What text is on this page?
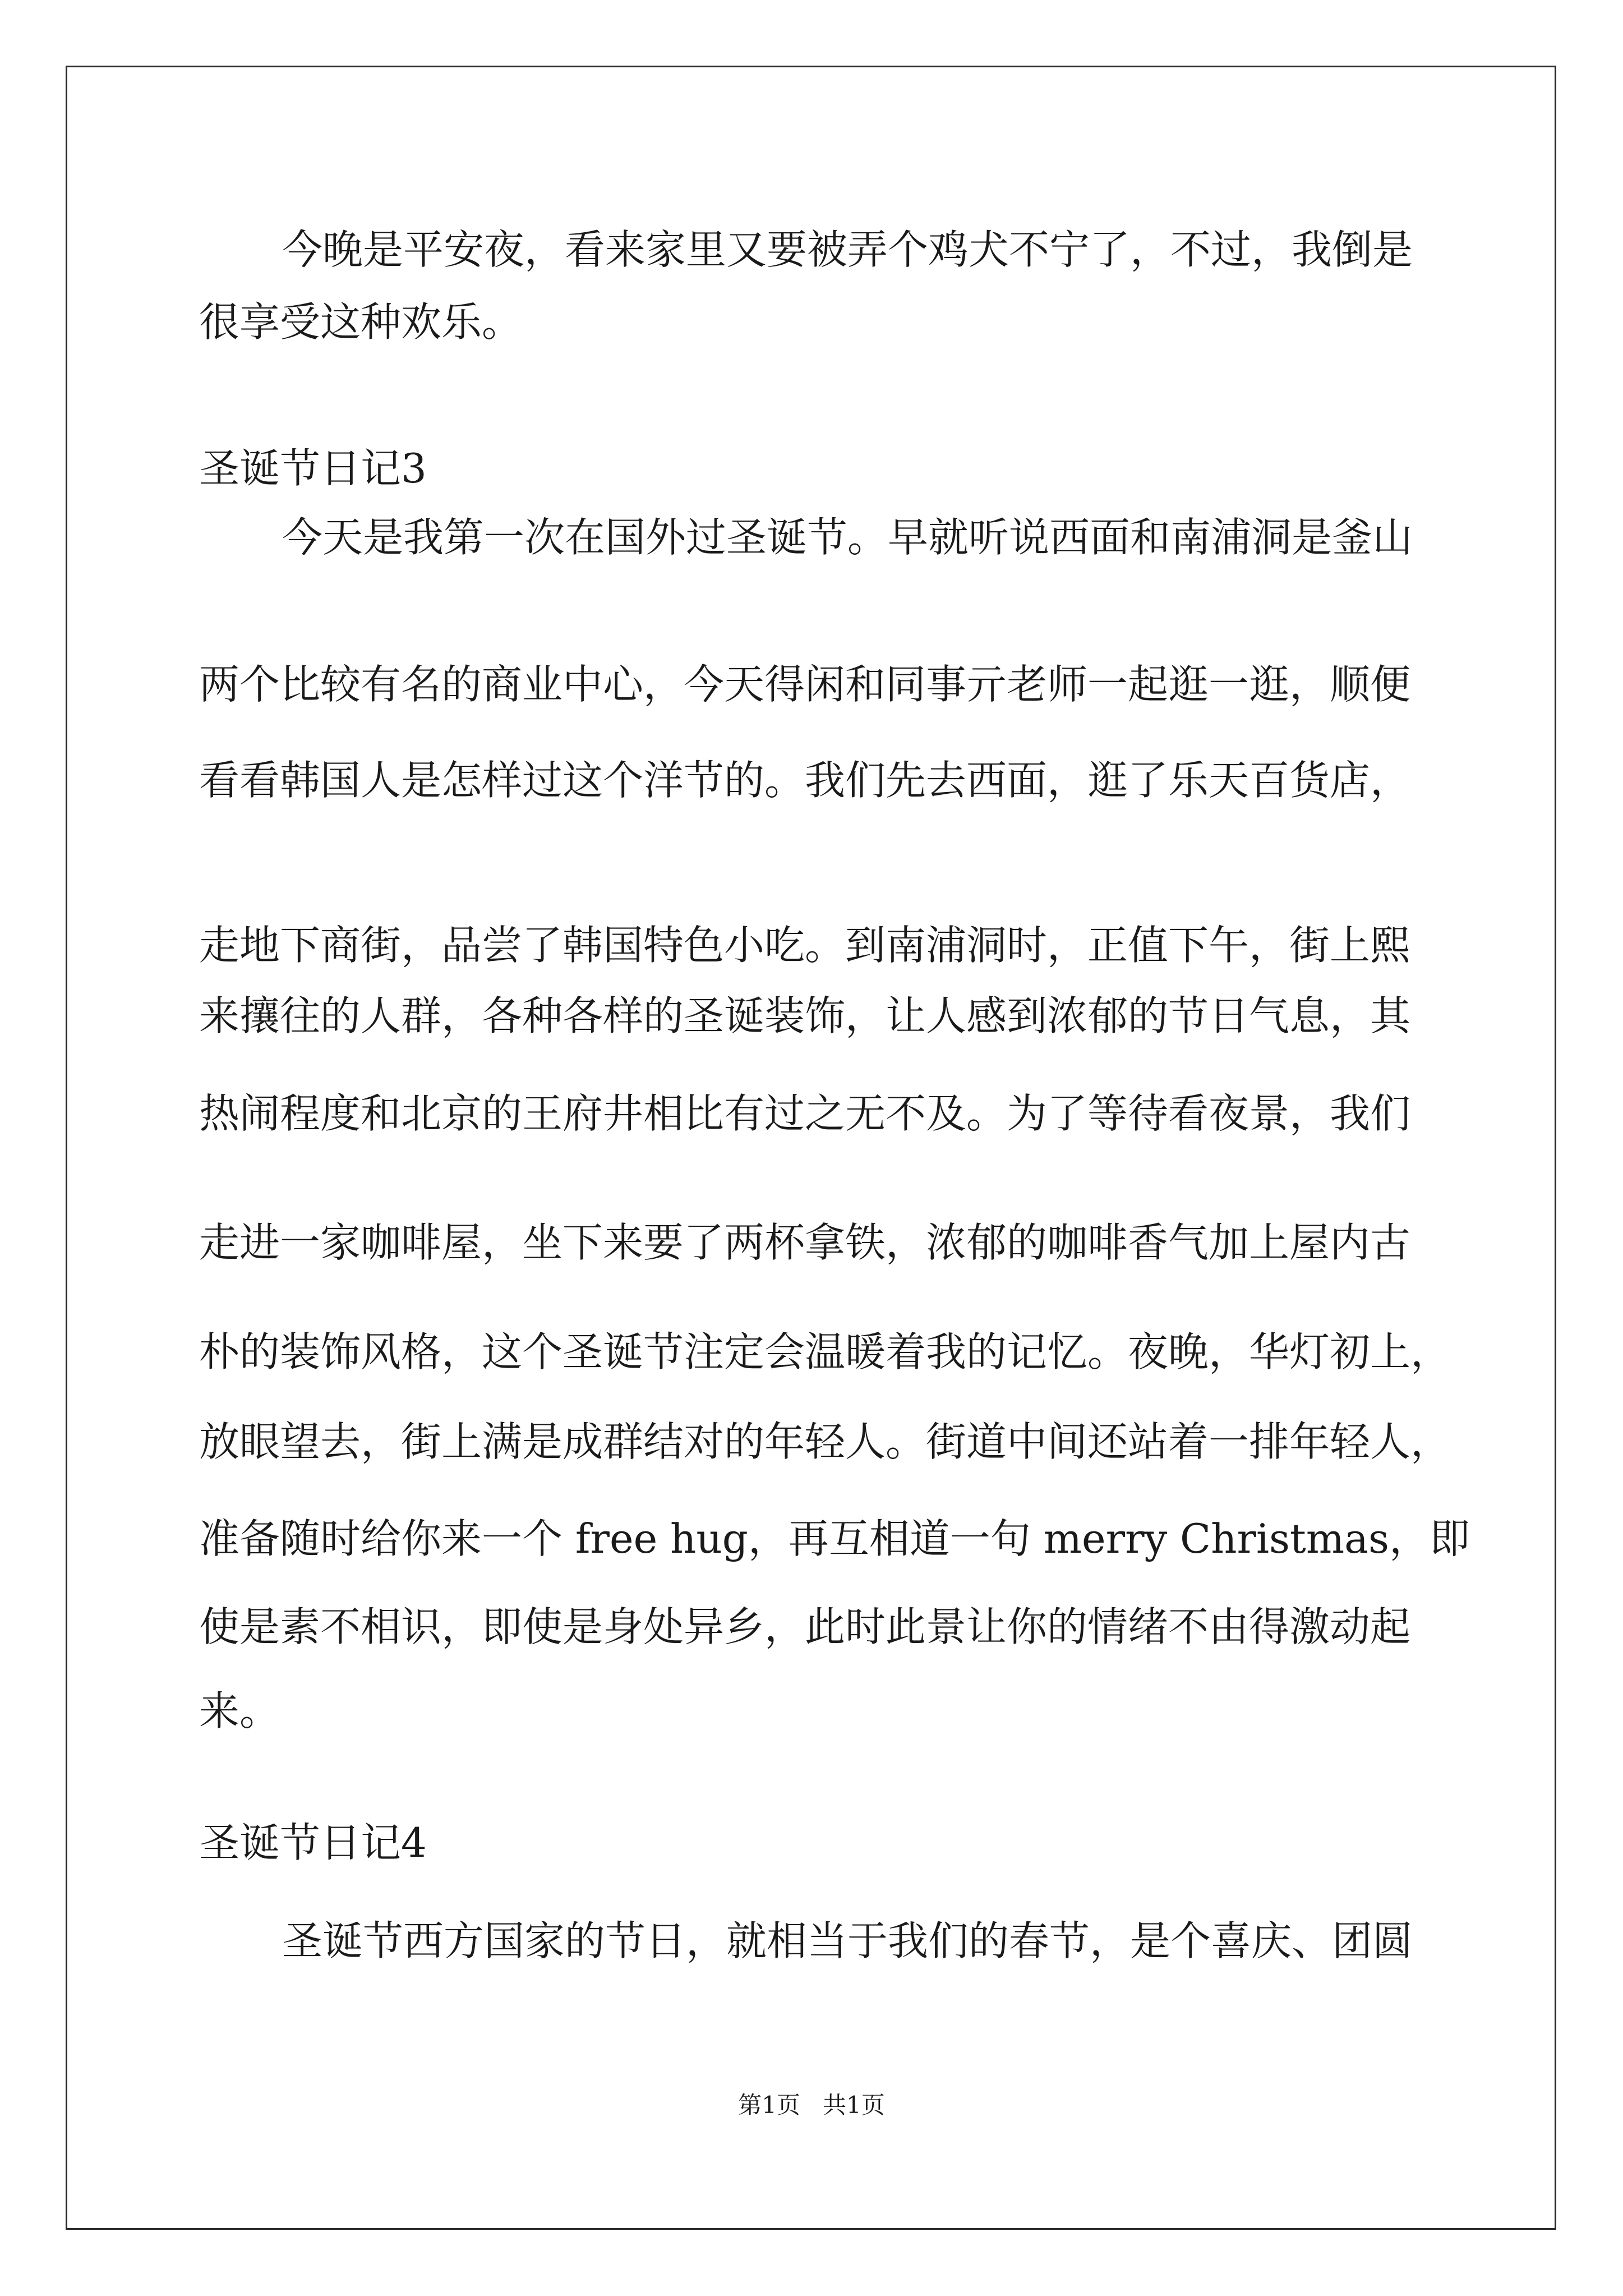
今晚是平安夜，看来家里又要被弄个鸡犬不宁了，不过，我倒是
很享受这种欢乐。
圣诞节日记3
今天是我第一次在国外过圣诞节。早就听说西面和南浦洞是釜山
两个比较有名的商业中心，今天得闲和同事亓老师一起逛一逛，顺便
看看韩国人是怎样过这个洋节的。我们先去西面，逛了乐天百货店，
走地下商街，品尝了韩国特色小吃。到南浦洞时，正值下午，街上熙
来攘往的人群，各种各样的圣诞装饰，让人感到浓郁的节日气息，其
热闹程度和北京的王府井相比有过之无不及。为了等待看夜景，我们
走进一家咖啡屋，坐下来要了两杯拿铁，浓郁的咖啡香气加上屋内古
朴的装饰风格，这个圣诞节注定会温暖着我的记忆。夜晚，华灯初上，
放眼望去，街上满是成群结对的年轻人。街道中间还站着一排年轻人，
准备随时给你来一个 free hug，再互相道一句 merry Christmas，即
使是素不相识，即使是身处异乡，此时此景让你的情绪不由得激动起
来。
圣诞节日记4
圣诞节西方国家的节日，就相当于我们的春节，是个喜庆、团圆
第1页 共1页
